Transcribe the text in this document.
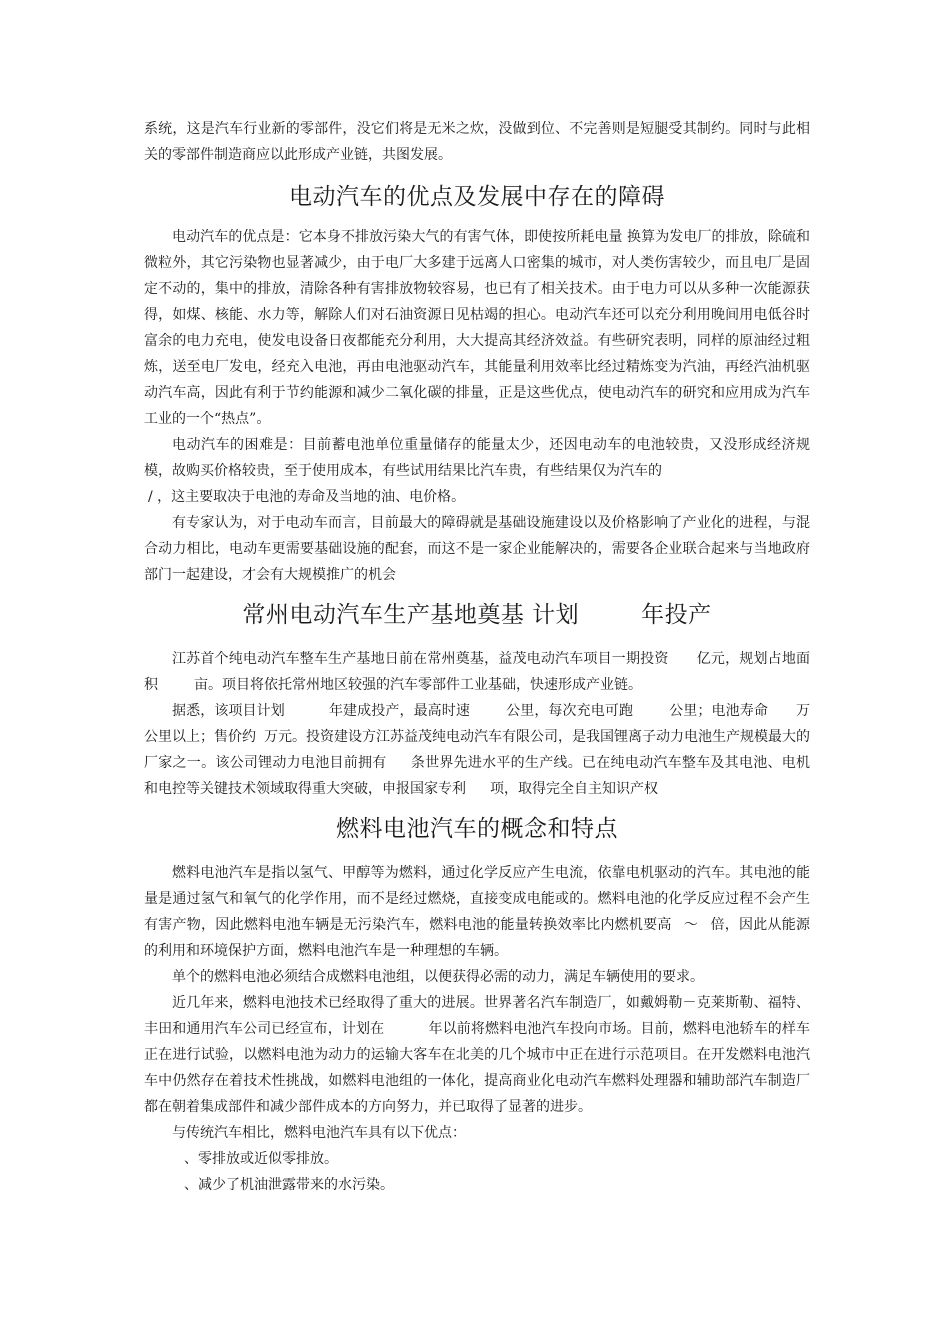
系统，这是汽车行业新的零部件，没它们将是无米之炊，没做到位、不完善则是短腿受其制约。同时与此相关的零部件制造商应以此形成产业链，共图发展。

电动汽车的优点及发展中存在的障碍

电动汽车的优点是：它本身不排放污染大气的有害气体，即使按所耗电量 换算为发电厂的排放，除硫和微粒外，其它污染物也显著减少，由于电厂大多建于远离人口密集的城市，对人类伤害较少，而且电厂是固定不动的，集中的排放，清除各种有害排放物较容易，也已有了相关技术。由于电力可以从多种一次能源获得，如煤、核能、水力等，解除人们对石油资源日见枯竭的担心。电动汽车还可以充分利用晚间用电低谷时富余的电力充电，使发电设备日夜都能充分利用，大大提高其经济效益。有些研究表明，同样的原油经过粗炼，送至电厂发电，经充入电池，再由电池驱动汽车，其能量利用效率比经过精炼变为汽油，再经汽油机驱动汽车高，因此有利于节约能源和减少二氧化碳的排量，正是这些优点，使电动汽车的研究和应用成为汽车工业的一个“热点”。

电动汽车的困难是：目前蓄电池单位重量储存的能量太少，还因电动车的电池较贵，又没形成经济规模，故购买价格较贵，至于使用成本，有些试用结果比汽车贵，有些结果仅为汽车的

/ ，这主要取决于电池的寿命及当地的油、电价格。

有专家认为，对于电动车而言，目前最大的障碍就是基础设施建设以及价格影响了产业化的进程，与混合动力相比，电动车更需要基础设施的配套，而这不是一家企业能解决的，需要各企业联合起来与当地政府部门一起建设，才会有大规模推广的机会

常州电动汽车生产基地奠基 计划	年投产

江苏首个纯电动汽车整车生产基地日前在常州奠基，益茂电动汽车项目一期投资 亿元，规划占地面积	亩。项目将依托常州地区较强的汽车零部件工业基础，快速形成产业链。

据悉，该项目计划	年建成投产，最高时速	公里，每次充电可跑	公里；电池寿命 万公里以上；售价约 万元。投资建设方江苏益茂纯电动汽车有限公司，是我国锂离子动力电池生产规模最大的厂家之一。该公司锂动力电池目前拥有 条世界先进水平的生产线。已在纯电动汽车整车及其电池、电机和电控等关键技术领域取得重大突破，申报国家专利 项，取得完全自主知识产权

燃料电池汽车的概念和特点

燃料电池汽车是指以氢气、甲醇等为燃料，通过化学反应产生电流，依靠电机驱动的汽车。其电池的能量是通过氢气和氧气的化学作用，而不是经过燃烧，直接变成电能或的。燃料电池的化学反应过程不会产生有害产物，因此燃料电池车辆是无污染汽车，燃料电池的能量转换效率比内燃机要高 ～ 倍，因此从能源的利用和环境保护方面，燃料电池汽车是一种理想的车辆。

单个的燃料电池必须结合成燃料电池组，以便获得必需的动力，满足车辆使用的要求。

近几年来，燃料电池技术已经取得了重大的进展。世界著名汽车制造厂，如戴姆勒－克莱斯勒、福特、丰田和通用汽车公司已经宣布，计划在	年以前将燃料电池汽车投向市场。目前，燃料电池轿车的样车正在进行试验，以燃料电池为动力的运输大客车在北美的几个城市中正在进行示范项目。在开发燃料电池汽车中仍然存在着技术性挑战，如燃料电池组的一体化，提高商业化电动汽车燃料处理器和辅助部汽车制造厂都在朝着集成部件和减少部件成本的方向努力，并已取得了显著的进步。

与传统汽车相比，燃料电池汽车具有以下优点：

、零排放或近似零排放。

、减少了机油泄露带来的水污染。
